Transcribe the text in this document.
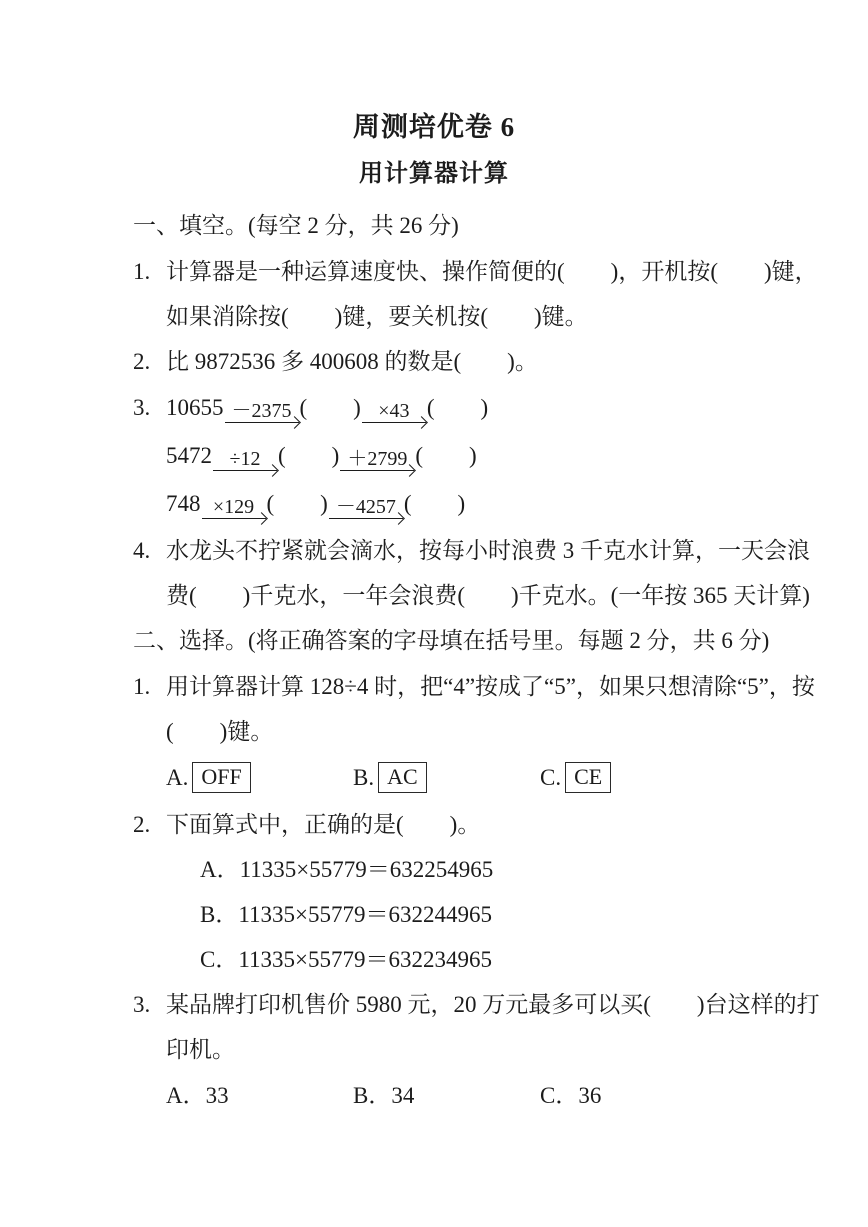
周测培优卷 6
用计算器计算
一、填空。(每空 2 分，共 26 分)
1. 计算器是一种运算速度快、操作简便的(　　)，开机按(　　)键，
如果消除按(　　)键，要关机按(　　)键。
2. 比 9872536 多 400608 的数是(　　)。
3. 10655 －2375 (　　) ×43 (　　)
5472 ÷12 (　　) ＋2799 (　　)
748 ×129 (　　) －4257 (　　)
4. 水龙头不拧紧就会滴水，按每小时浪费 3 千克水计算，一天会浪
费(　　)千克水，一年会浪费(　　)千克水。(一年按 365 天计算)
二、选择。(将正确答案的字母填在括号里。每题 2 分，共 6 分)
1. 用计算器计算 128÷4 时，把“4”按成了“5”，如果只想清除“5”，按
(　　)键。
A. OFF	B. AC	C. CE
2. 下面算式中，正确的是(　　)。
A．11335×55779＝632254965
B．11335×55779＝632244965
C．11335×55779＝632234965
3. 某品牌打印机售价 5980 元，20 万元最多可以买(　　)台这样的打
印机。
A．33	B．34	C．36
